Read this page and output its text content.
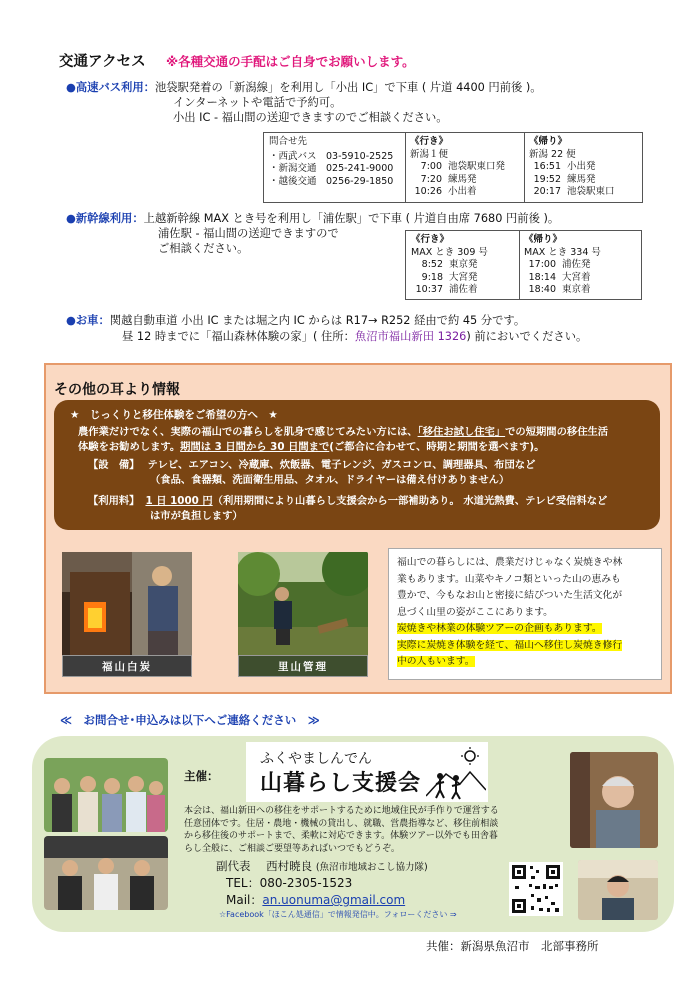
交通アクセス ※各種交通の手配はご自身でお願いします。
●高速バス利用：池袋駅発着の「新潟線」を利用し「小出 IC」で下車 ( 片道 4400 円前後 )。
インターネットや電話で予約可。
小出 IC - 福山間の送迎できますのでご相談ください。
問合せ先
・西武バス 03-5910-2525
・新潟交通 025-241-9000
・越後交通 0256-29-1850
《行き》
新潟１便
7:00 池袋駅東口発
7:20 練馬発
10:26 小出着
《帰り》
新潟 22 便
16:51 小出発
19:52 練馬発
20:17 池袋駅東口
●新幹線利用：上越新幹線 MAX とき号を利用し「浦佐駅」で下車 ( 片道自由席 7680 円前後 )。
浦佐駅 - 福山間の送迎できますので
ご相談ください。
《行き》
MAX とき 309 号
8:52 東京発
9:18 大宮発
10:37 浦佐着
《帰り》
MAX とき 334 号
17:00 浦佐発
18:14 大宮着
18:40 東京着
●お車：関越自動車道 小出 IC または堀之内 IC からは R17→ R252 経由で約 45 分です。
昼 12 時までに「福山森林体験の家」( 住所：魚沼市福山新田 1326) 前においでください。
その他の耳より情報
★　じっくりと移住体験をご希望の方へ　★
農作業だけでなく、実際の福山での暮らしを肌身で感じてみたい方には、「移住お試し住宅」での短期間の移住生活
体験をお勧めします。期間は 3 日間から 30 日間まで(ご都合に合わせて、時期と期間を選べます)。
【設　備】 テレビ、エアコン、冷蔵庫、炊飯器、電子レンジ、ガスコンロ、調理器具、布団など
（食品、食器類、洗面衛生用品、タオル、ドライヤーは備え付けありません）
【利用料】 1 日 1000 円（利用期間により山暮らし支援会から一部補助あり。 水道光熱費、テレビ受信料など
は市が負担します）
福山白炭	里山管理
福山での暮らしには、農業だけじゃなく炭焼きや林
業もあります。山菜やキノコ類といった山の恵みも
豊かで、今もなお山と密接に結びついた生活文化が
息づく山里の姿がここにあります。
炭焼きや林業の体験ツアーの企画もあります。
実際に炭焼き体験を経て、福山へ移住し炭焼き修行
中の人もいます。
≪　お問合せ･申込みは以下へご連絡ください　≫
主催：
ふくやましんでん
山暮らし支援会
本会は、福山新田への移住をサポートするために地域住民が手作りで運営する
任意団体です。住居・農地・機械の貸出し、就職、営農指導など、移住前相談
から移住後のサポートまで、柔軟に対応できます。体験ツアー以外でも田舎暮
らし全般に、ご相談ご要望等あればいつでもどうぞ。
副代表 西村暁良 (魚沼市地域おこし協力隊)
TEL：080-2305-1523
Mail：an.uonuma@gmail.com
☆Facebook「ほこん処通信」で情報発信中。フォローください ⇒
共催：新潟県魚沼市　北部事務所
